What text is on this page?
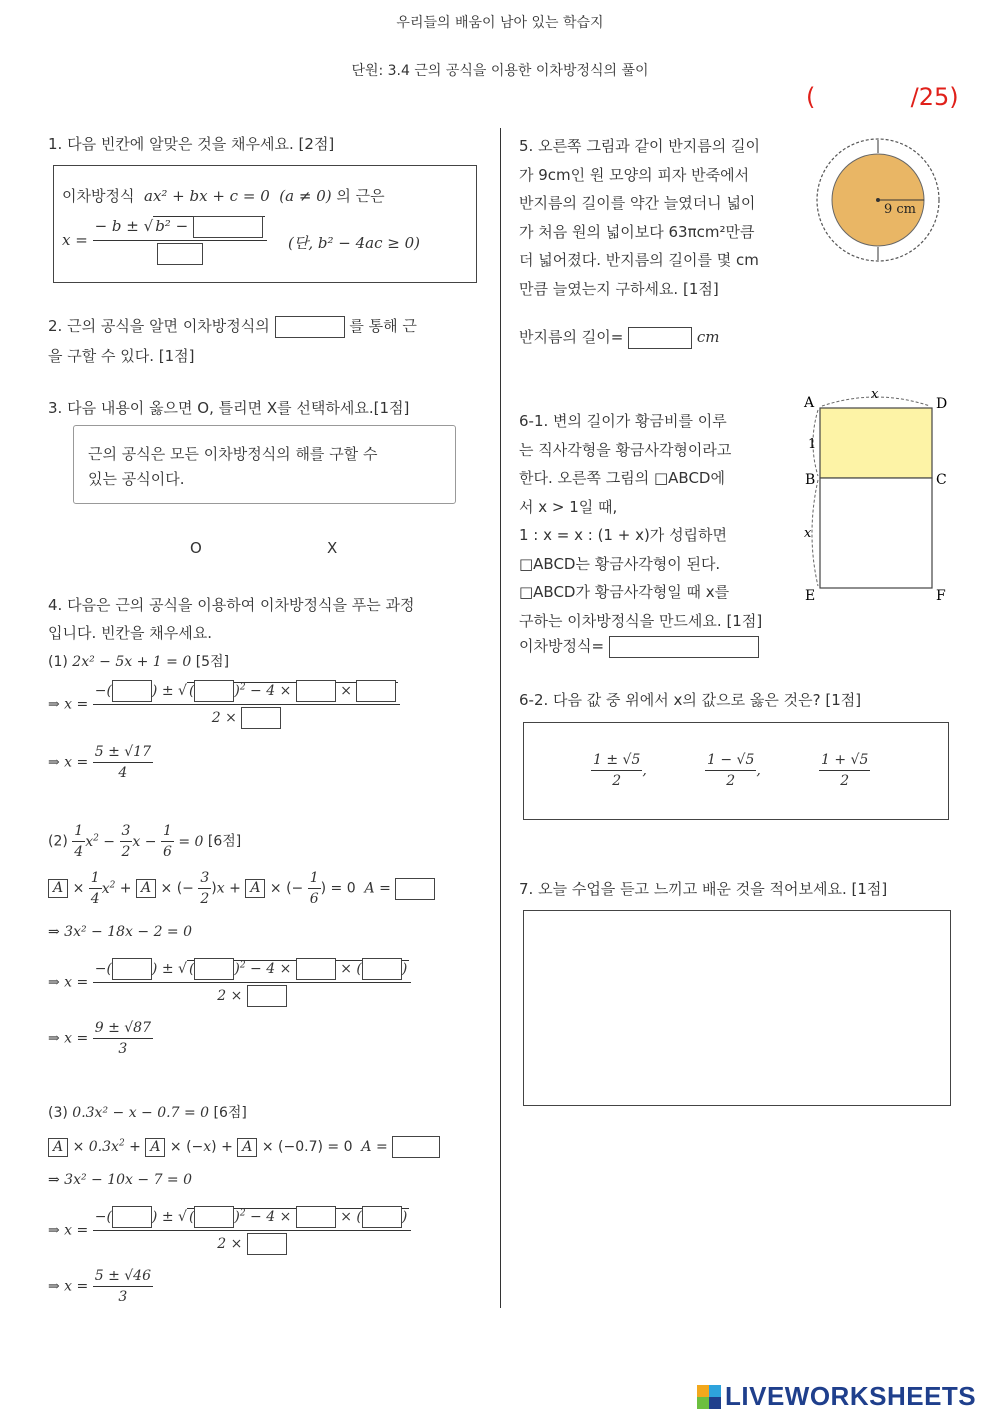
우리들의 배움이 남아 있는 학습지
단원: 3.4 근의 공식을 이용한 이차방정식의 풀이
(	/25)
1. 다음 빈칸에 알맞은 것을 채우세요. [2점]
이차방정식 ax² + bx + c = 0 (a ≠ 0) 의 근은
x =
− b ± √ b² −
(단, b² − 4ac ≥ 0)
2. 근의 공식을 알면 이차방정식의	를 통해 근
을 구할 수 있다. [1점]
3. 다음 내용이 옳으면 O, 틀리면 X를 선택하세요.[1점]
근의 공식은 모든 이차방정식의 해를 구할 수
있는 공식이다.
O	X
4. 다음은 근의 공식을 이용하여 이차방정식을 푸는 과정
입니다. 빈칸을 채우세요.
(1) 2x² − 5x + 1 = 0 [5점]
⇒ x = −(	) ± √ (	)$^2$ − 4 ×	×
2 ×
⇒ $x = \frac{5 \pm √17}{4}$
$(2) \frac{1}{4} x^2 - \frac{3}{2}$ $x - \frac{1}{6} = 0$ [6점]
$A \times \frac{1}{4} x^2 + A$ × (− $\frac{3}{2} )x + A$ × (− $\frac{1}{6}$ ) = 0  A =
⇒ 3x² − 18x − 2 = 0
⇒ x = −(	) ± √ (	)$^2$ − 4 ×	× (	)
2 ×
⇒ $x = \frac{9 \pm √87}{3}$
(3) 0.3x² − x − 0.7 = 0 [6점]
$A \times 0.3x^2 + A \times (-x) + A \times (-0.7) = 0$  A =
⇒ 3x² − 10x − 7 = 0
⇒ x = −(	) ± √ (	)$^2$ − 4 ×	× (	)
2 ×
⇒ $x = \frac{5 \pm √46}{3}$
5. 오른쪽 그림과 같이 반지름의 길이
가 9cm인 원 모양의 피자 반죽에서
반지름의 길이를 약간 늘였더니 넓이
가 처음 원의 넓이보다 63πcm²만큼
더 넓어졌다. 반지름의 길이를 몇 cm
만큼 늘였는지 구하세요. [1점]
9 cm
반지름의 길이=	cm
6-1. 변의 길이가 황금비를 이루
는 직사각형을 황금사각형이라고
한다. 오른쪽 그림의 □ABCD에
서 x > 1일 때,
1 : x = x : (1 + x)가 성립하면
□ABCD는 황금사각형이 된다.
□ABCD가 황금사각형일 때 x를
구하는 이차방정식을 만드세요. [1점]
이차방정식=
A	D
B	C
E	F
x
1
x
6-2. 다음 값 중 위에서 x의 값으로 옳은 것은? [1점]
$\frac{1 \pm √5}{2}$ ,	$\frac{1 - √5}{2}$ ,	$\frac{1 + √5}{2}$
7. 오늘 수업을 듣고 느끼고 배운 것을 적어보세요. [1점]
LIVEWORKSHEETS
